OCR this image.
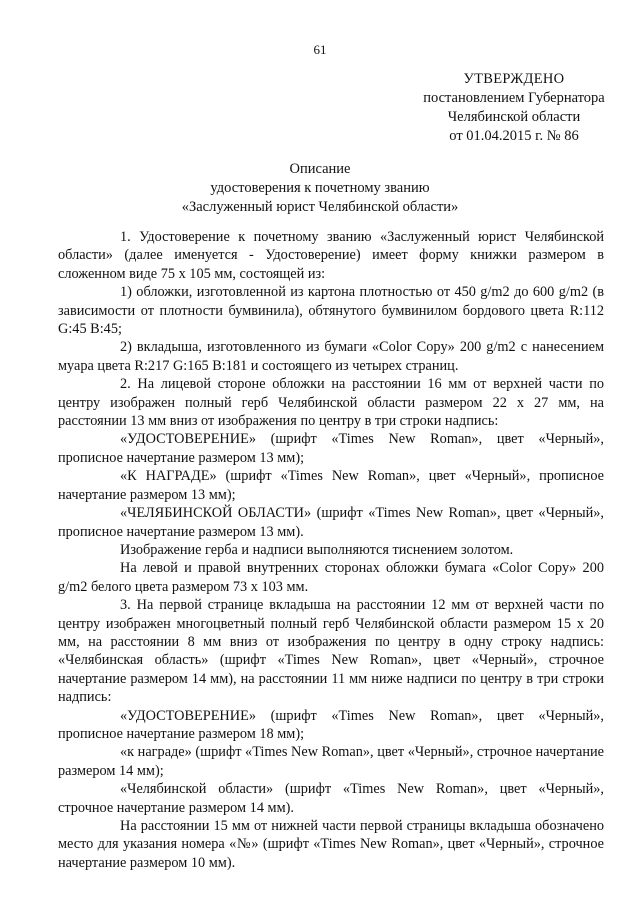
61
УТВЕРЖДЕНО
постановлением Губернатора
Челябинской области
от 01.04.2015 г. № 86
Описание
удостоверения к почетному званию
«Заслуженный юрист Челябинской области»

1. Удостоверение к почетному званию «Заслуженный юрист Челябинской области» (далее именуется - Удостоверение) имеет форму книжки размером в сложенном виде 75 х 105 мм, состоящей из:

1) обложки, изготовленной из картона плотностью от 450 g/m2 до 600 g/m2 (в зависимости от плотности бумвинила), обтянутого бумвинилом бордового цвета R:112 G:45 B:45;

2) вкладыша, изготовленного из бумаги «Color Copy» 200 g/m2 с нанесением муара цвета R:217 G:165 B:181 и состоящего из четырех страниц.

2. На лицевой стороне обложки на расстоянии 16 мм от верхней части по центру изображен полный герб Челябинской области размером 22 х 27 мм, на расстоянии 13 мм вниз от изображения по центру в три строки надпись:

«УДОСТОВЕРЕНИЕ» (шрифт «Times New Roman», цвет «Черный», прописное начертание размером 13 мм);

«К НАГРАДЕ» (шрифт «Times New Roman», цвет «Черный», прописное начертание размером 13 мм);

«ЧЕЛЯБИНСКОЙ ОБЛАСТИ» (шрифт «Times New Roman», цвет «Черный», прописное начертание размером 13 мм).

Изображение герба и надписи выполняются тиснением золотом.

На левой и правой внутренних сторонах обложки бумага «Color Copy» 200 g/m2 белого цвета размером 73 х 103 мм.

3. На первой странице вкладыша на расстоянии 12 мм от верхней части по центру изображен многоцветный полный герб Челябинской области размером 15 х 20 мм, на расстоянии 8 мм вниз от изображения по центру в одну строку надпись: «Челябинская область» (шрифт «Times New Roman», цвет «Черный», строчное начертание размером 14 мм), на расстоянии 11 мм ниже надписи по центру в три строки надпись:

«УДОСТОВЕРЕНИЕ» (шрифт «Times New Roman», цвет «Черный», прописное начертание размером 18 мм);

«к награде» (шрифт «Times New Roman», цвет «Черный», строчное начертание размером 14 мм);

«Челябинской области» (шрифт «Times New Roman», цвет «Черный», строчное начертание размером 14 мм).

На расстоянии 15 мм от нижней части первой страницы вкладыша обозначено место для указания номера «№» (шрифт «Times New Roman», цвет «Черный», строчное начертание размером 10 мм).
